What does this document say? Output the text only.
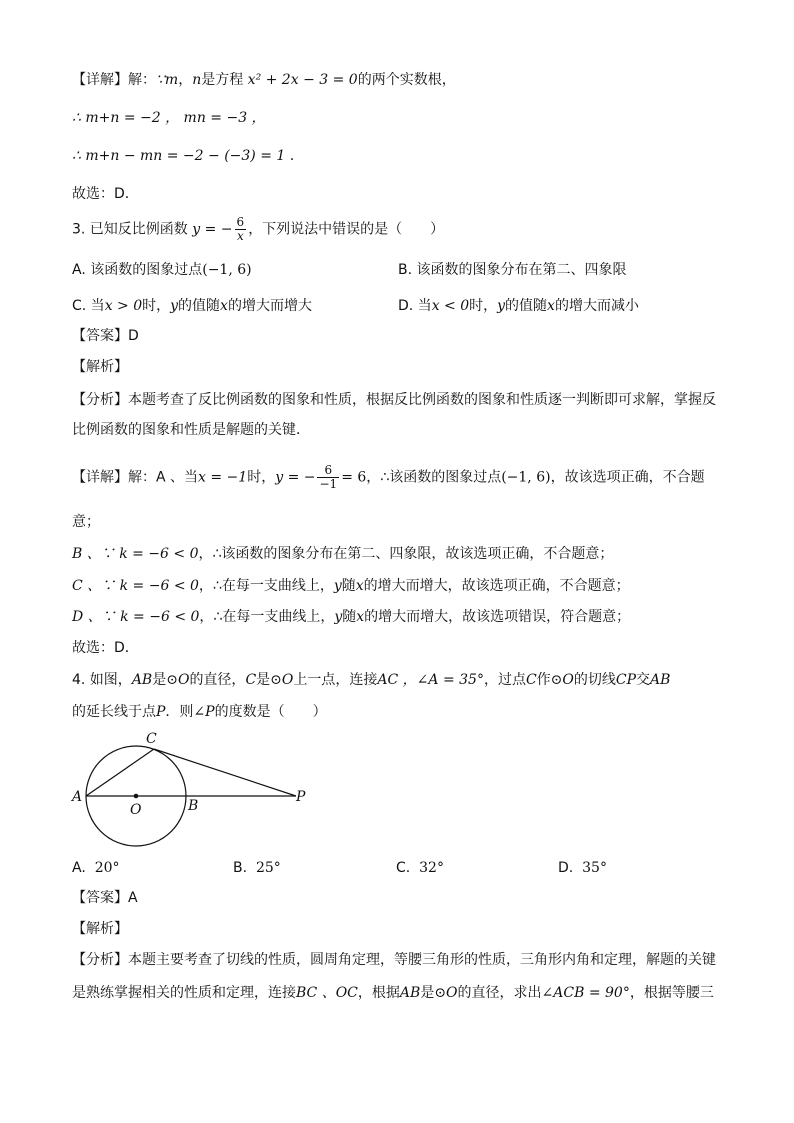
【详解】解：∵m，n是方程 x² + 2x − 3 = 0的两个实数根，
∴ m+n = −2 ， mn = −3 ，
∴ m+n − mn = −2 − (−3) = 1 .
故选：D．
3. 已知反比例函数 y = − $\frac{6}{x}$ ，下列说法中错误的是（　　）
A. 该函数的图象过点(−1, 6)	B. 该函数的图象分布在第二、四象限
C. 当x > 0时，y的值随x的增大而增大	D. 当x < 0时，y的值随x的增大而减小
【答案】D
【解析】
【分析】本题考查了反比例函数的图象和性质，根据反比例函数的图象和性质逐一判断即可求解，掌握反
比例函数的图象和性质是解题的关键．
【详解】解：A 、当x = −1时，y = − $\frac{6}{-1} = 6$，∴该函数的图象过点(−1, 6)，故该选项正确，不合题
意；
B 、∵ k = −6 < 0，∴该函数的图象分布在第二、四象限，故该选项正确，不合题意；
C 、∵ k = −6 < 0，∴在每一支曲线上，y随x的增大而增大，故该选项正确，不合题意；
D 、∵ k = −6 < 0，∴在每一支曲线上，y随x的增大而增大，故该选项错误，符合题意；
故选：D．
4. 如图，AB是⊙O的直径，C是⊙O上一点，连接AC ，∠A = 35°，过点C作⊙O的切线CP交AB
的延长线于点P．则∠P的度数是（　　）
A
C
O	B
P
A. 20°	B. 25°	C. 32°	D. 35°
【答案】A
【解析】
【分析】本题主要考查了切线的性质，圆周角定理，等腰三角形的性质，三角形内角和定理，解题的关键
是熟练掌握相关的性质和定理，连接BC 、OC，根据AB是⊙O的直径，求出∠ACB = 90°，根据等腰三
